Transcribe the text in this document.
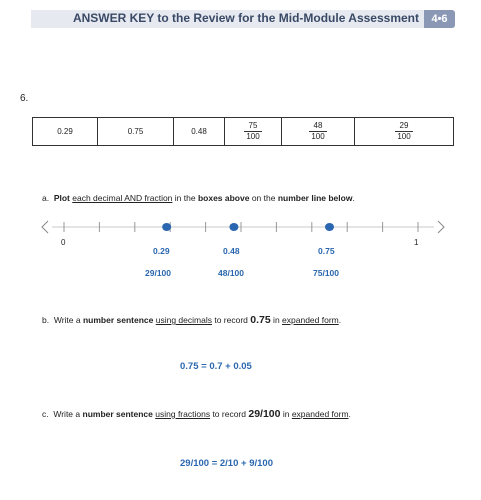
ANSWER KEY to the Review for the Mid-Module Assessment	4•6
6.
0.29	0.75	0.48	$\frac{75}{100}$	$\frac{48}{100}$	$\frac{29}{100}$
a. Plot each decimal AND fraction in the boxes above on the number line below.
0	1
0.29
29/100
0.48
48/100
0.75
75/100
b. Write a number sentence using decimals to record 0.75 in expanded form.
0.75 = 0.7 + 0.05
c. Write a number sentence using fractions to record 29/100 in expanded form.
29/100 = 2/10 + 9/100
